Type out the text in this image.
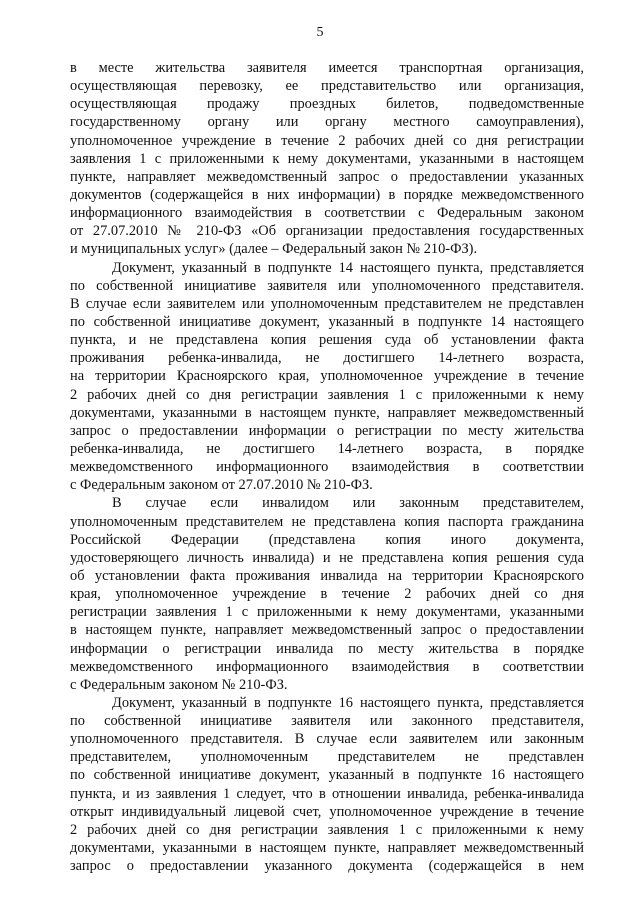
5
в месте жительства заявителя имеется транспортная организация,
осуществляющая перевозку, ее представительство или организация,
осуществляющая продажу проездных билетов, подведомственные
государственному органу или органу местного самоуправления),
уполномоченное учреждение в течение 2 рабочих дней со дня регистрации
заявления 1 с приложенными к нему документами, указанными в настоящем
пункте, направляет межведомственный запрос о предоставлении указанных
документов (содержащейся в них информации) в порядке межведомственного
информационного взаимодействия в соответствии с Федеральным законом
от 27.07.2010 № 210-ФЗ «Об организации предоставления государственных
и муниципальных услуг» (далее – Федеральный закон № 210-ФЗ).
Документ, указанный в подпункте 14 настоящего пункта, представляется
по собственной инициативе заявителя или уполномоченного представителя.
В случае если заявителем или уполномоченным представителем не представлен
по собственной инициативе документ, указанный в подпункте 14 настоящего
пункта, и не представлена копия решения суда об установлении факта
проживания ребенка-инвалида, не достигшего 14-летнего возраста,
на территории Красноярского края, уполномоченное учреждение в течение
2 рабочих дней со дня регистрации заявления 1 с приложенными к нему
документами, указанными в настоящем пункте, направляет межведомственный
запрос о предоставлении информации о регистрации по месту жительства
ребенка-инвалида, не достигшего 14-летнего возраста, в порядке
межведомственного информационного взаимодействия в соответствии
с Федеральным законом от 27.07.2010 № 210-ФЗ.
В случае если инвалидом или законным представителем,
уполномоченным представителем не представлена копия паспорта гражданина
Российской Федерации (представлена копия иного документа,
удостоверяющего личность инвалида) и не представлена копия решения суда
об установлении факта проживания инвалида на территории Красноярского
края, уполномоченное учреждение в течение 2 рабочих дней со дня
регистрации заявления 1 с приложенными к нему документами, указанными
в настоящем пункте, направляет межведомственный запрос о предоставлении
информации о регистрации инвалида по месту жительства в порядке
межведомственного информационного взаимодействия в соответствии
с Федеральным законом № 210-ФЗ.
Документ, указанный в подпункте 16 настоящего пункта, представляется
по собственной инициативе заявителя или законного представителя,
уполномоченного представителя. В случае если заявителем или законным
представителем, уполномоченным представителем не представлен
по собственной инициативе документ, указанный в подпункте 16 настоящего
пункта, и из заявления 1 следует, что в отношении инвалида, ребенка-инвалида
открыт индивидуальный лицевой счет, уполномоченное учреждение в течение
2 рабочих дней со дня регистрации заявления 1 с приложенными к нему
документами, указанными в настоящем пункте, направляет межведомственный
запрос о предоставлении указанного документа (содержащейся в нем
